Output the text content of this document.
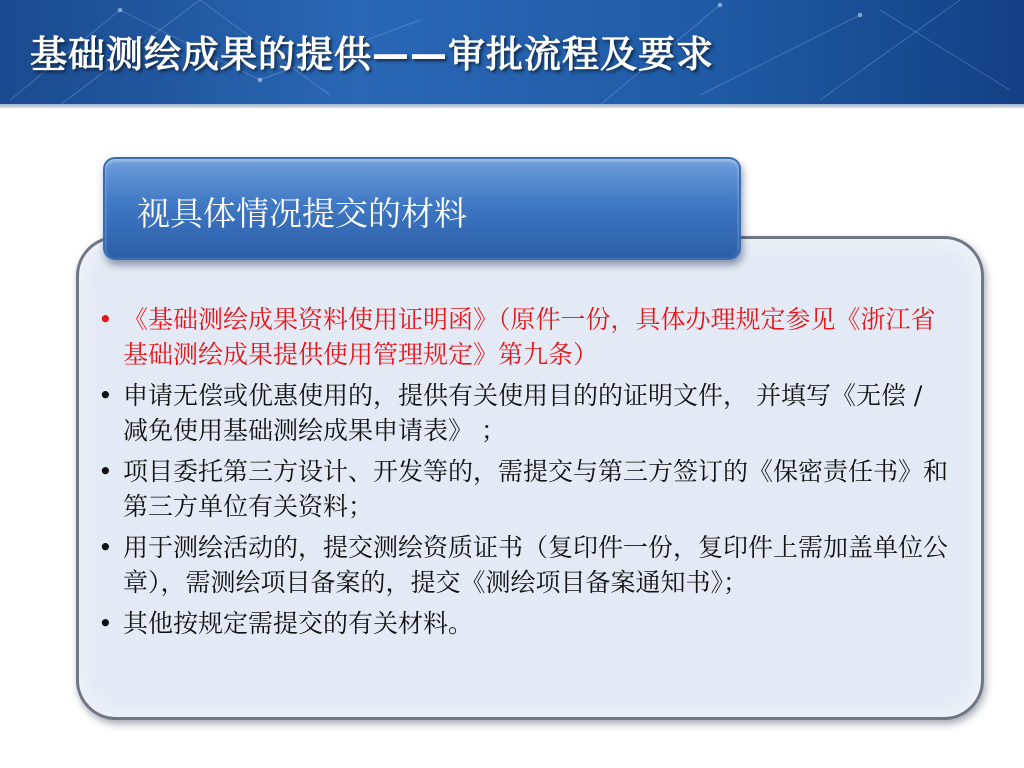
基础测绘成果的提供——审批流程及要求
视具体情况提交的材料
• 《基础测绘成果资料使用证明函》（原件一份，具体办理规定参见《浙江省基础测绘成果提供使用管理规定》第九条）
• 申请无偿或优惠使用的，提供有关使用目的的证明文件， 并填写《无偿 / 减免使用基础测绘成果申请表》 ；
• 项目委托第三方设计、开发等的，需提交与第三方签订的《保密责任书》和第三方单位有关资料；
• 用于测绘活动的，提交测绘资质证书（复印件一份，复印件上需加盖单位公章），需测绘项目备案的，提交《测绘项目备案通知书》；
• 其他按规定需提交的有关材料。
